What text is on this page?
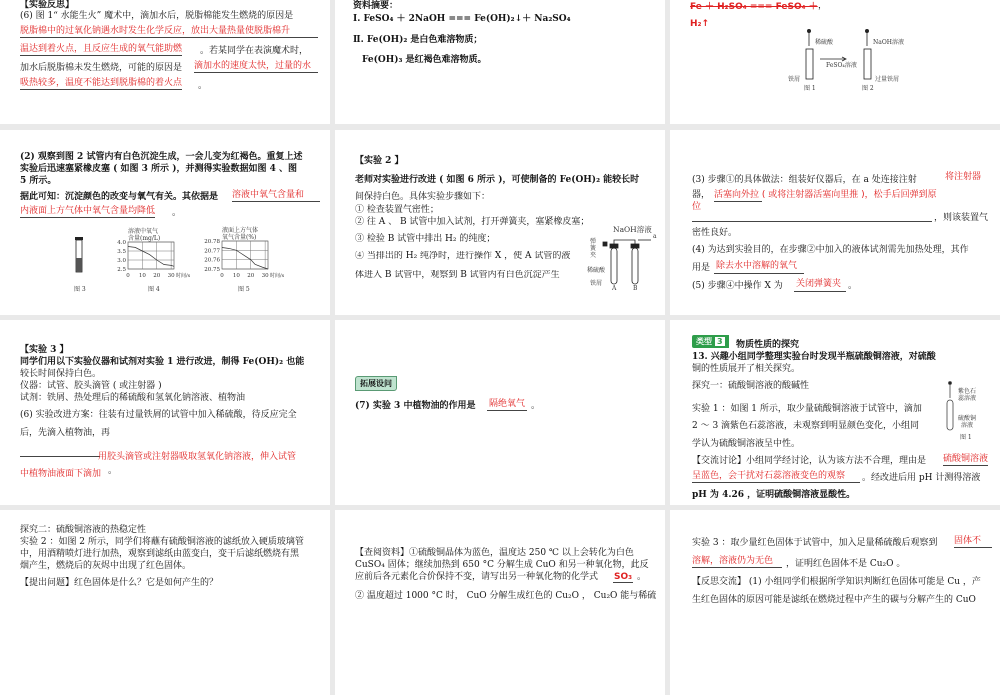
【实验反思】
(6) 图 1“ 水能生火” 魔术中，滴加水后，脱脂棉能发生燃烧的原因是
脱脂棉中的过氧化钠遇水时发生化学反应，放出大量热量使脱脂棉升
温达到着火点，且反应生成的氧气能助燃 。若某同学在表演魔术时，
加水后脱脂棉未发生燃烧，可能的原因是 滴加水的速度太快，过量的水
吸热较多，温度不能达到脱脂棉的着火点 。
资料摘要：
Ⅰ. FeSO₄ ＋ 2NaOH === Fe(OH)₂↓＋ Na₂SO₄
Ⅱ. Fe(OH)₂ 是白色难溶物质；
Fe(OH)₃ 是红褐色难溶物质。
Fe ＋ H₂SO₄ === FeSO₄ ＋ ，
H₂↑
稀硫酸	NaOH溶液
FeSO₄溶液
铁屑	过量铁屑
图 1	图 2
(2) 观察到图 2 试管内有白色沉淀生成，一会儿变为红褐色。重复上述
实验后迅速塞紧橡皮塞 ( 如图 3 所示 )，并测得实验数据如图 4 、图
5 所示。
据此可知：沉淀颜色的改变与氧气有关。其依据是 溶液中氧气含量和
内液面上方气体中氧气含量均降低 。
图 3
4.0
3.5
3.0
2.5
0 10 20 30 时间/s
溶液中氧气
含量(mg/L)
图 4
20.78
20.77
20.76
20.75
0 10 20 30 时间/s
液面上方气体
氧气含量(%)
图 5
【实验 2 】
老师对实验进行改进 ( 如图 6 所示 )，可使制备的 Fe(OH)₂ 能较长时
间保持白色。具体实验步骤如下：
① 检查装置气密性；
② 往 A 、 B 试管中加入试剂，打开弹簧夹，塞紧橡皮塞；
③ 检验 B 试管中排出 H₂ 的纯度；
④ 当排出的 H₂ 纯净时，进行操作 X ，使 A 试管的液
体进入 B 试管中，观察到 B 试管内有白色沉淀产生
弹簧夹
a
稀硫酸
铁屑
NaOH溶液
A	B
(3) 步骤①的具体做法：组装好仪器后，在 a 处连接注射	将注射器
器， 活塞向外拉 ( 或将注射器活塞向里推 )，松手后回弹到原
位
，则该装置气
密性良好。
(4) 为达到实验目的，在步骤②中加入的液体试剂需先加热处理，其作
用是 除去水中溶解的氧气
(5) 步骤④中操作 X 为 关闭弹簧夹 。
【实验 3 】
同学们用以下实验仪器和试剂对实验 1 进行改进，制得 Fe(OH)₂ 也能
较长时间保持白色。
仪器：试管、胶头滴管 ( 或注射器 )
试剂：铁屑、热处理后的稀硫酸和氢氧化钠溶液、植物油
(6) 实验改进方案：往装有过量铁屑的试管中加入稀硫酸，待反应完全
后，先滴入植物油，再
用胶头滴管或注射器吸取氢氧化钠溶液，伸入试管
中植物油液面下滴加 。
拓展设问
(7) 实验 3 中植物油的作用是 隔绝氧气 。
类型 3	物质性质的探究
13. 兴趣小组同学整理实验台时发现半瓶硫酸铜溶液，对硫酸
铜的性质展开了相关探究。
探究一：硫酸铜溶液的酸碱性
实验 1 ：如图 1 所示，取少量硫酸铜溶液于试管中，滴加
2 ～ 3 滴紫色石蕊溶液，未观察到明显颜色变化，小组同
学认为硫酸铜溶液呈中性。
【交流讨论】小组同学经讨论，认为该方法不合理，理由是 硫酸铜溶液
呈蓝色，会干扰对石蕊溶液变色的观察	。经改进后用 pH 计测得溶液
pH 为 4.26 ，证明硫酸铜溶液显酸性。
紫色石
蕊溶液
硫酸铜
溶液
图 1
探究二：硫酸铜溶液的热稳定性
实验 2 ：如图 2 所示，同学们将蘸有硫酸铜溶液的滤纸放入硬质玻璃管
中，用酒精喷灯进行加热，观察到滤纸由蓝变白，变干后滤纸燃烧有黑
烟产生，燃烧后的灰烬中出现了红色固体。
【提出问题】红色固体是什么？它是如何产生的？
【查阅资料】①硫酸铜晶体为蓝色，温度达 250 ℃ 以上会转化为白色
CuSO₄ 固体；继续加热到 650 °C 分解生成 CuO 和另一种氧化物，此反
应前后各元素化合价保持不变，请写出另一种氧化物的化学式 SO₃ 。
② 温度超过 1000 °C 时， CuO 分解生成红色的 Cu₂O ， Cu₂O 能与稀硫
实验 3 ：取少量红色固体于试管中，加入足量稀硫酸后观察到 固体不
溶解，溶液仍为无色	，证明红色固体不是 Cu₂O 。
【反思交流】 (1) 小组同学们根据所学知识判断红色固体可能是 Cu ，产
生红色固体的原因可能是滤纸在燃烧过程中产生的碳与分解产生的 CuO
